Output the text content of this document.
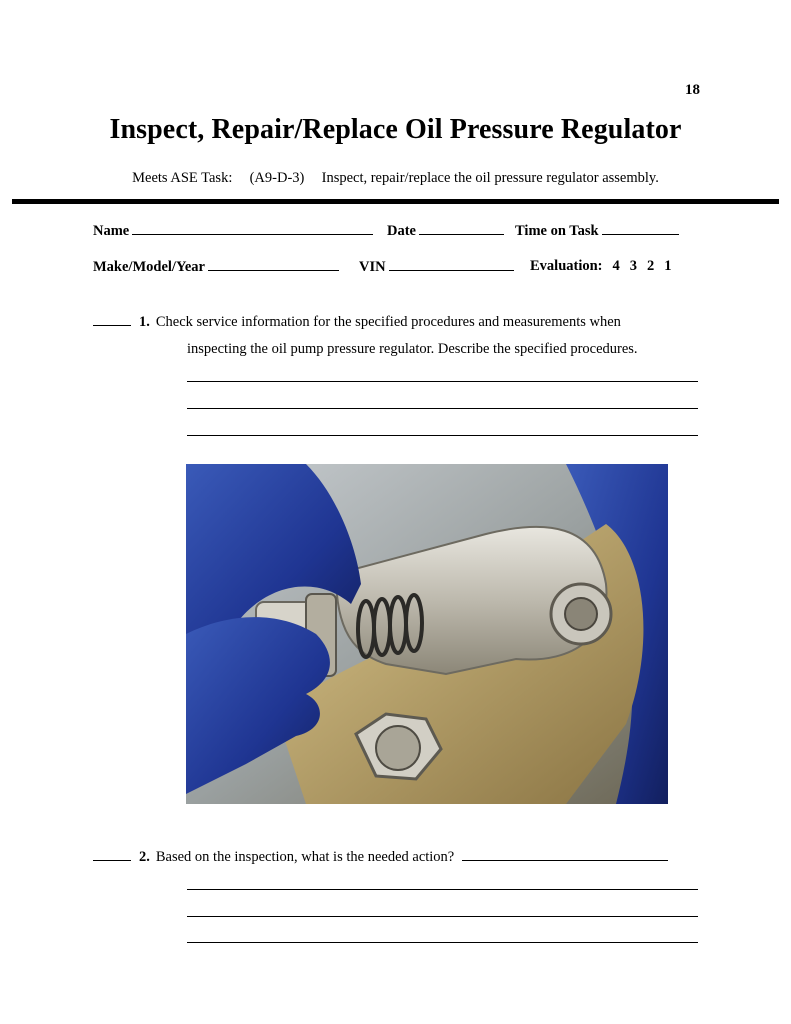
18
Inspect, Repair/Replace Oil Pressure Regulator
Meets ASE Task: (A9-D-3) Inspect, repair/replace the oil pressure regulator assembly.
Name	Date	Time on Task
Make/Model/Year	VIN	Evaluation: 4 3 2 1
1. Check service information for the specified procedures and measurements when
inspecting the oil pump pressure regulator. Describe the specified procedures.
2. Based on the inspection, what is the needed action?
